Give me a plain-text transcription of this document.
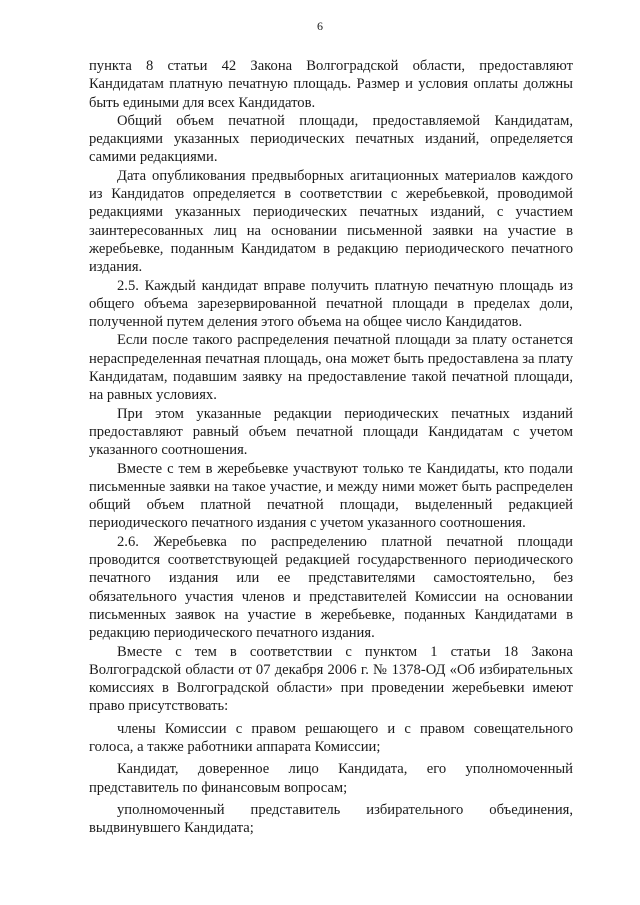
6

пункта 8 статьи 42 Закона Волгоградской области, предоставляют Кандидатам платную печатную площадь. Размер и условия оплаты должны быть едиными для всех Кандидатов.

Общий объем печатной площади, предоставляемой Кандидатам, редакциями указанных периодических печатных изданий, определяется самими редакциями.

Дата опубликования предвыборных агитационных материалов каждого из Кандидатов определяется в соответствии с жеребьевкой, проводимой редакциями указанных периодических печатных изданий, с участием заинтересованных лиц на основании письменной заявки на участие в жеребьевке, поданным Кандидатом в редакцию периодического печатного издания.

2.5. Каждый кандидат вправе получить платную печатную площадь из общего объема зарезервированной печатной площади в пределах доли, полученной путем деления этого объема на общее число Кандидатов.

Если после такого распределения печатной площади за плату останется нераспределенная печатная площадь, она может быть предоставлена за плату Кандидатам, подавшим заявку на предоставление такой печатной площади, на равных условиях.

При этом указанные редакции периодических печатных изданий предоставляют равный объем печатной площади Кандидатам с учетом указанного соотношения.

Вместе с тем в жеребьевке участвуют только те Кандидаты, кто подали письменные заявки на такое участие, и между ними может быть распределен общий объем платной печатной площади, выделенный редакцией периодического печатного издания с учетом указанного соотношения.

2.6. Жеребьевка по распределению платной печатной площади проводится соответствующей редакцией государственного периодического печатного издания или ее представителями самостоятельно, без обязательного участия членов и представителей Комиссии на основании письменных заявок на участие в жеребьевке, поданных Кандидатами в редакцию периодического печатного издания.

Вместе с тем в соответствии с пунктом 1 статьи 18 Закона Волгоградской области от 07 декабря 2006 г. № 1378-ОД «Об избирательных комиссиях в Волгоградской области» при проведении жеребьевки имеют право присутствовать:

члены Комиссии с правом решающего и с правом совещательного голоса, а также работники аппарата Комиссии;

Кандидат, доверенное лицо Кандидата, его уполномоченный представитель по финансовым вопросам;

уполномоченный представитель избирательного объединения, выдвинувшего Кандидата;
